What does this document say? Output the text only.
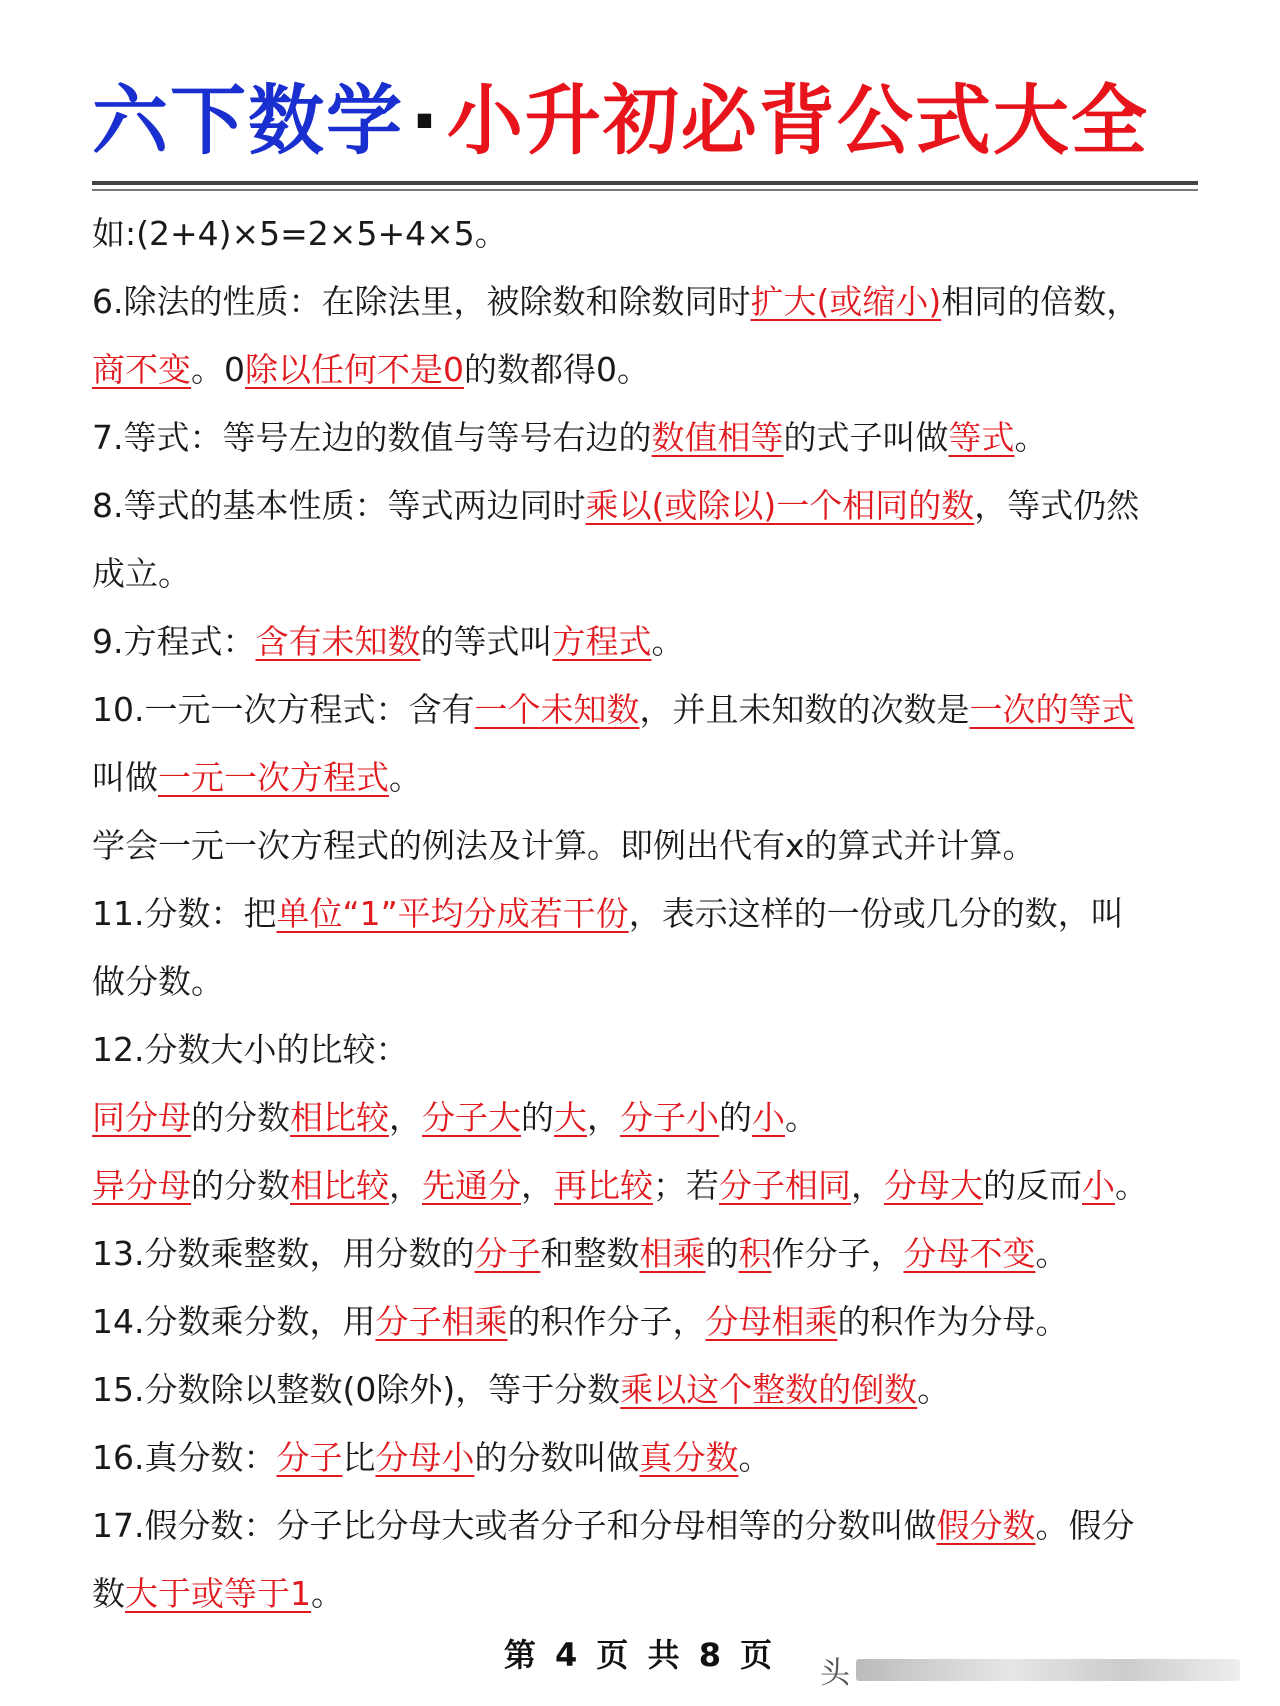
六下数学 · 小升初必背公式大全
如:(2+4)×5=2×5+4×5。
6.除法的性质：在除法里，被除数和除数同时扩大(或缩小)相同的倍数，
商不变。0除以任何不是0的数都得0。
7.等式：等号左边的数值与等号右边的数值相等的式子叫做等式。
8.等式的基本性质：等式两边同时乘以(或除以)一个相同的数，等式仍然
成立。
9.方程式：含有未知数的等式叫方程式。
10.一元一次方程式：含有一个未知数，并且未知数的次数是一次的等式
叫做一元一次方程式。
学会一元一次方程式的例法及计算。即例出代有x的算式并计算。
11.分数：把单位“1”平均分成若干份，表示这样的一份或几分的数，叫
做分数。
12.分数大小的比较：
同分母的分数相比较，分子大的大，分子小的小。
异分母的分数相比较，先通分，再比较；若分子相同，分母大的反而小。
13.分数乘整数，用分数的分子和整数相乘的积作分子，分母不变。
14.分数乘分数，用分子相乘的积作分子，分母相乘的积作为分母。
15.分数除以整数(0除外)，等于分数乘以这个整数的倒数。
16.真分数：分子比分母小的分数叫做真分数。
17.假分数：分子比分母大或者分子和分母相等的分数叫做假分数。假分
数大于或等于1。
第 4 页 共 8 页	头
